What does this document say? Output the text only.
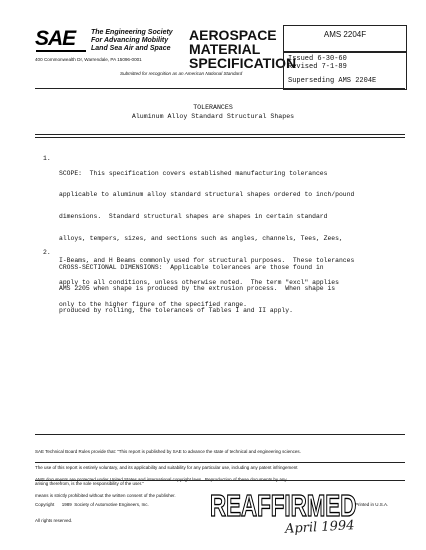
SAE	The Engineering Society
For Advancing Mobility
Land Sea Air and Space
400 Commonwealth Dr, Warrendale, PA 15096-0001
Submitted for recognition as an American National Standard
AEROSPACE
MATERIAL
SPECIFICATION
AMS 2204F
Issued 6-30-60
Revised 7-1-89
Superseding AMS 2204E
TOLERANCES
Aluminum Alloy Standard Structural Shapes
1.

SCOPE:  This specification covers established manufacturing tolerances

applicable to aluminum alloy standard structural shapes ordered to inch/pound

dimensions.  Standard structural shapes are shapes in certain standard

alloys, tempers, sizes, and sections such as angles, channels, Tees, Zees,

I-Beams, and H Beams commonly used for structural purposes.  These tolerances

apply to all conditions, unless otherwise noted.  The term "excl" applies

only to the higher figure of the specified range.

2.

CROSS-SECTIONAL DIMENSIONS:  Applicable tolerances are those found in

AMS 2205 when shape is produced by the extrusion process.  When shape is

produced by rolling, the tolerances of Tables I and II apply.

SAE Technical Board Rules provide that: "This report is published by SAE to advance the state of technical and engineering sciences.

The use of this report is entirely voluntary, and its applicability and suitability for any particular use, including any patent infringement

arising therefrom, is the sole responsibility of the user."

means is strictly prohibited without the written consent of the publisher.

Copyright      1989  Society of Automotive Engineers, Inc.

All rights reserved.

Printed in U.S.A.
REAFFIRMED
April 1994
